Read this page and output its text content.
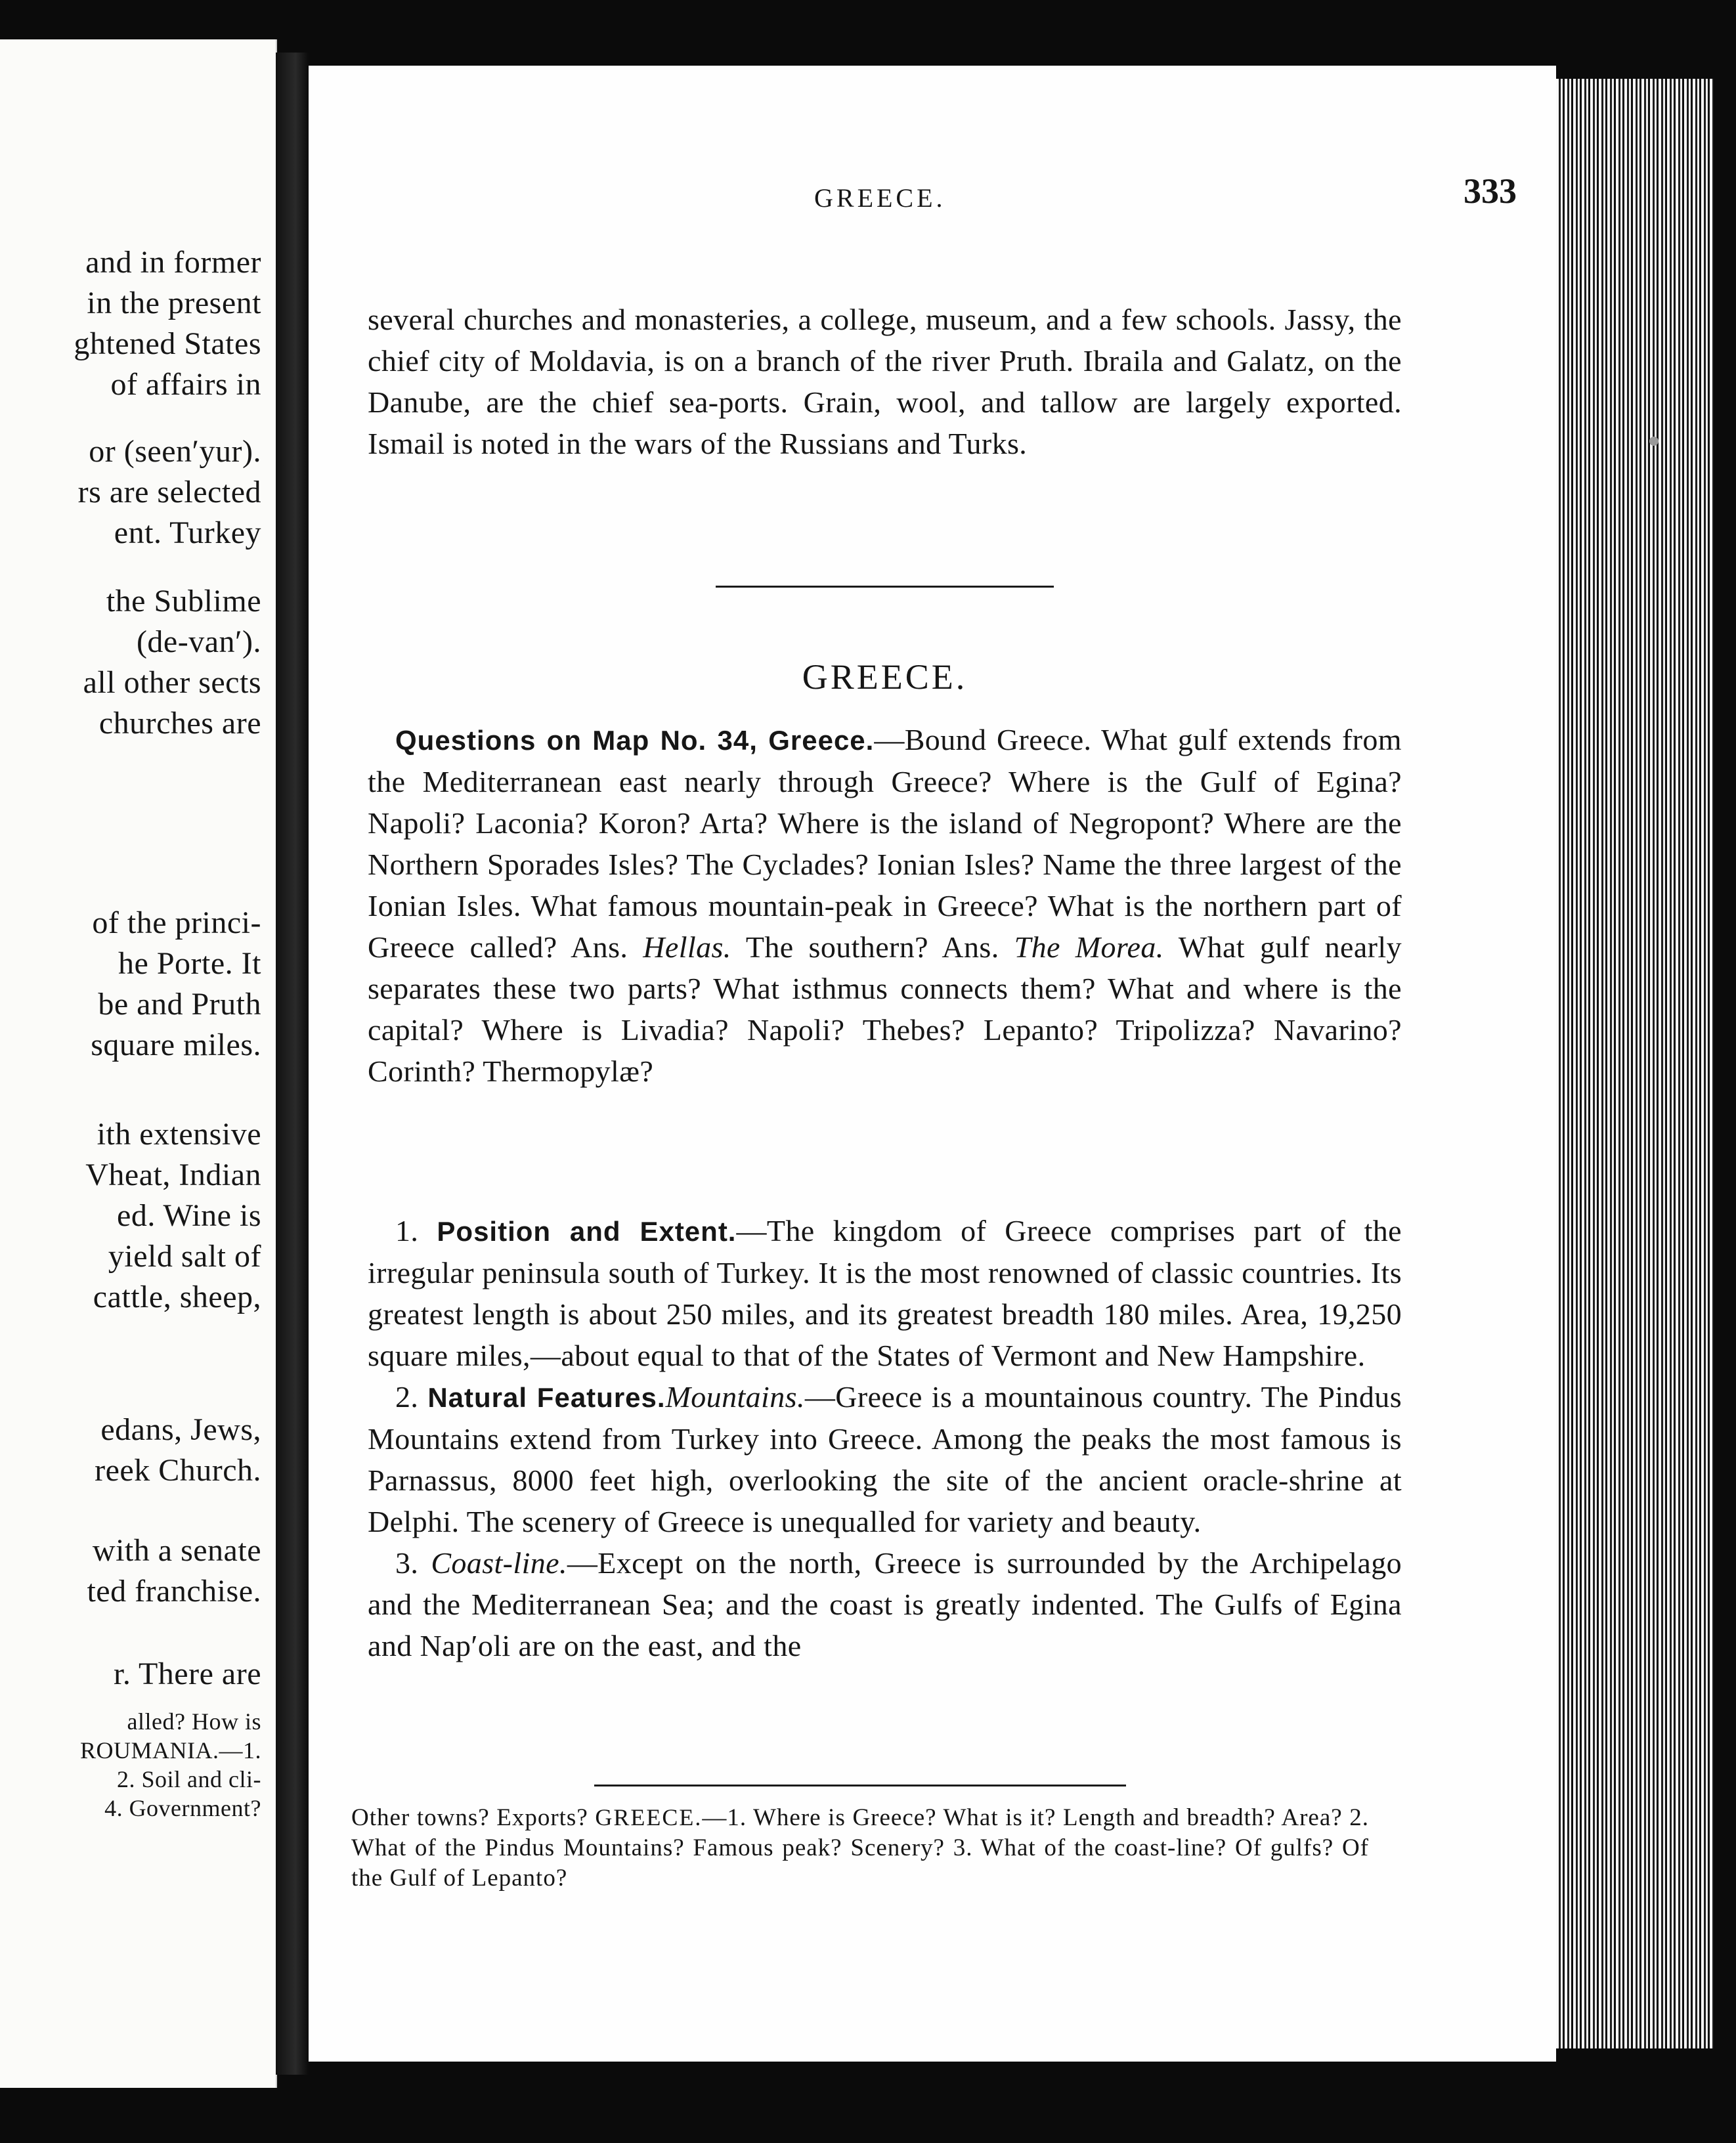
and in former
in the present
ghtened States
of affairs in
or (seen′yur).
rs are selected
ent. Turkey
the Sublime
(de-van′).
all other sects
churches are
of the princi-
he Porte. It
be and Pruth
square miles.
ith extensive
Vheat, Indian
ed. Wine is
yield salt of
cattle, sheep,
edans, Jews,
reek Church.
with a senate
ted franchise.
r. There are
alled? How is
ROUMANIA.—1.
2. Soil and cli-
4. Government?
GREECE.	333

several churches and monasteries, a college, museum, and a few schools. Jassy, the chief city of Moldavia, is on a branch of the river Pruth. Ibraila and Galatz, on the Danube, are the chief sea-ports. Grain, wool, and tallow are largely exported. Ismail is noted in the wars of the Russians and Turks.

GREECE.

Questions on Map No. 34, Greece.—Bound Greece. What gulf extends from the Mediterranean east nearly through Greece? Where is the Gulf of Egina? Napoli? Laconia? Koron? Arta? Where is the island of Negropont? Where are the Northern Sporades Isles? The Cyclades? Ionian Isles? Name the three largest of the Ionian Isles. What famous mountain-peak in Greece? What is the northern part of Greece called? Ans. Hellas. The southern? Ans. The Morea. What gulf nearly separates these two parts? What isthmus connects them? What and where is the capital? Where is Livadia? Napoli? Thebes? Lepanto? Tripolizza? Navarino? Corinth? Thermopylæ?

1. Position and Extent.—The kingdom of Greece comprises part of the irregular peninsula south of Turkey. It is the most renowned of classic countries. Its greatest length is about 250 miles, and its greatest breadth 180 miles. Area, 19,250 square miles,—about equal to that of the States of Vermont and New Hampshire.

2. Natural Features.Mountains.—Greece is a mountainous country. The Pindus Mountains extend from Turkey into Greece. Among the peaks the most famous is Parnassus, 8000 feet high, overlooking the site of the ancient oracle-shrine at Delphi. The scenery of Greece is unequalled for variety and beauty.

3. Coast-line.—Except on the north, Greece is surrounded by the Archipelago and the Mediterranean Sea; and the coast is greatly indented. The Gulfs of Egina and Nap′oli are on the east, and the

Other towns? Exports? GREECE.—1. Where is Greece? What is it? Length and breadth? Area? 2. What of the Pindus Mountains? Famous peak? Scenery? 3. What of the coast-line? Of gulfs? Of the Gulf of Lepanto?
